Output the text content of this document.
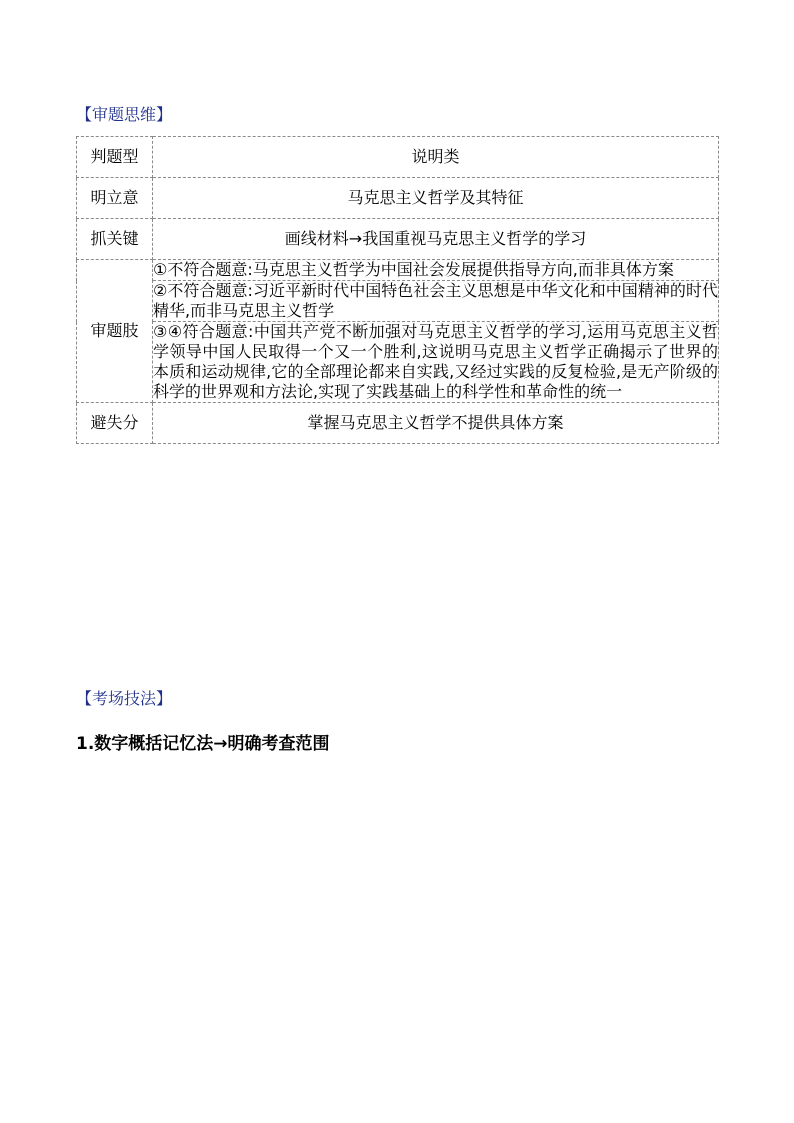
【审题思维】
判题型	说明类
明立意	马克思主义哲学及其特征
抓关键	画线材料→我国重视马克思主义哲学的学习
审题肢	①不符合题意:马克思主义哲学为中国社会发展提供指导方向,而非具体方案
	②不符合题意:习近平新时代中国特色社会主义思想是中华文化和中国精神的时代精华,而非马克思主义哲学
	③④符合题意:中国共产党不断加强对马克思主义哲学的学习,运用马克思主义哲学领导中国人民取得一个又一个胜利,这说明马克思主义哲学正确揭示了世界的本质和运动规律,它的全部理论都来自实践,又经过实践的反复检验,是无产阶级的科学的世界观和方法论,实现了实践基础上的科学性和革命性的统一
避失分	掌握马克思主义哲学不提供具体方案
【考场技法】
1.数字概括记忆法→明确考查范围
